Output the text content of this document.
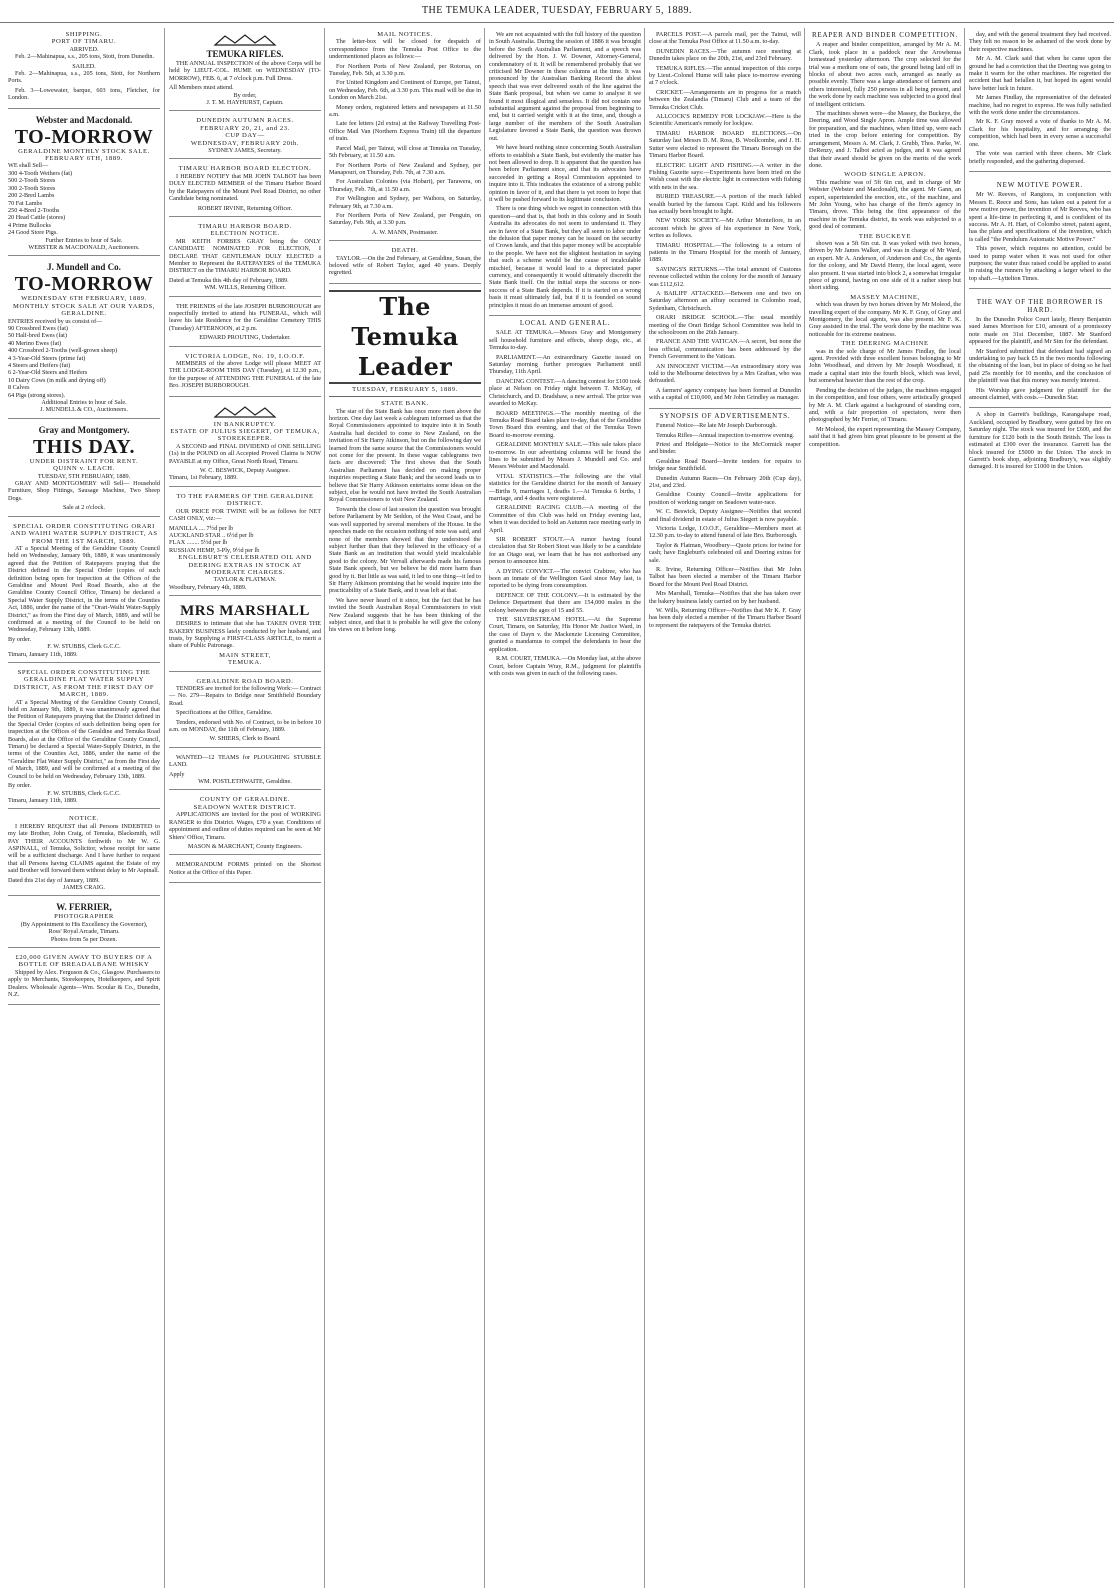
THE TEMUKA LEADER, TUESDAY, FEBRUARY 5, 1889.
SHIPPING.
PORT OF TIMARU.
ARRIVED.

Feb. 2—Mahinapua, s.s., 205 tons, Stott, from Dunedin.

SAILED.

Feb. 2—Mahinapua, s.s., 205 tons, Stott, for Northern Ports.

Feb. 3—Lowewater, barque, 603 tons, Fletcher, for London.

Webster and Macdonald.
TO-MORROW
GERALDINE MONTHLY STOCK SALE.
FEBRUARY 6TH, 1889.
WE shall Sell—
300 4-Tooth Wethers (fat)
500 2-Tooth Stores
300 2-Tooth Stores
200 2-Bred Lambs
70 Fat Lambs
250 4-Bred 2-Tooths
20 Head Cattle (stores)
4 Prime Bullocks
24 Good Store Pigs.
Further Entries to hour of Sale.
WEBSTER & MACDONALD, Auctioneers.
J. Mundell and Co.
TO-MORROW
WEDNESDAY 6TH FEBRUARY, 1889.
MONTHLY STOCK SALE AT OUR YARDS, GERALDINE.
ENTRIES received by us consist of—
90 Crossbred Ewes (fat)
50 Half-bred Ewes (fat)
40 Merino Ewes (fat)
400 Crossbred 2-Tooths (well-grown sheep)
4 3-Year-Old Steers (prime fat)
4 Steers and Heifers (fat)
6 2-Year-Old Steers and Heifers
10 Dairy Cows (in milk and drying off)
8 Calves
64 Pigs (strong stores).
Additional Entries to hour of Sale.
J. MUNDELL & CO., Auctioneers.
Gray and Montgomery.
THIS DAY.
UNDER DISTRAINT FOR RENT.
QUINN v. LEACH.
TUESDAY, 5TH FEBRUARY, 1889.

GRAY AND MONTGOMERY will Sell— Household Furniture, Shop Fittings, Sausage Machine, Two Sheep Dogs.

Sale at 2 o'clock.
SPECIAL ORDER CONSTITUTING ORARI AND WAIHI WATER SUPPLY DISTRICT, AS FROM THE 1ST MARCH, 1889.

AT a Special Meeting of the Geraldine County Council held on Wednesday, January 9th, 1889, it was unanimously agreed that the Petition of Ratepayers praying that the District defined in the Special Order (copies of such definition being open for inspection at the Offices of the Geraldine and Mount Peel Road Boards, also at the Geraldine County Council Office, Timaru) be declared a Special Water Supply District, in the terms of the Counties Act, 1886, under the name of the "Orari-Waihi Water-Supply District," as from the First day of March, 1889, and will be confirmed at a meeting of the Council to be held on Wednesday, February 13th, 1889.

By order.
F. W. STUBBS, Clerk G.C.C.
Timaru, January 11th, 1889.
SPECIAL ORDER CONSTITUTING THE GERALDINE FLAT WATER SUPPLY DISTRICT, AS FROM THE FIRST DAY OF MARCH, 1889.

AT a Special Meeting of the Geraldine County Council, held on January 9th, 1889, it was unanimously agreed that the Petition of Ratepayers praying that the District defined in the Special Order (copies of such definition being open for inspection at the Offices of the Geraldine and Temuka Road Boards, also at the Office of the Geraldine County Council, Timaru) be declared a Special Water-Supply District, in the terms of the Counties Act, 1886, under the name of the "Geraldine Flat Water Supply District," as from the First day of March, 1889, and will be confirmed at a meeting of the Council to be held on Wednesday, February 13th, 1889.

By order.
F. W. STUBBS, Clerk G.C.C.
Timaru, January 11th, 1889.
NOTICE.

I HEREBY REQUEST that all Persons INDEBTED to my late Brother, John Craig, of Temuka, Blacksmith, will PAY THEIR ACCOUNTS forthwith to Mr W. G. ASPINALL, of Temuka, Solicitor, whose receipt for same will be a sufficient discharge. And I have further to request that all Persons having CLAIMS against the Estate of my said Brother will forward them without delay to Mr Aspinall.

Dated this 21st day of January, 1889.
JAMES CRAIG.
W. FERRIER,
PHOTOGRAPHER
(By Appointment to His Excellency the Governor),
Ross' Royal Arcade, Timaru.
Photos from 5s per Dozen.
£20,000 GIVEN AWAY TO BUYERS OF A BOTTLE OF BREADALBANE WHISKY

Shipped by Alex. Ferguson & Co., Glasgow. Purchasers to apply to Merchants, Storekeepers, Hotelkeepers, and Spirit Dealers. Wholesale Agents—Wm. Scoular & Co., Dunedin, N.Z.

TEMUKA RIFLES.

THE ANNUAL INSPECTION of the above Corps will be held by LIEUT.-COL. HUME on WEDNESDAY (TO-MORROW), FEB. 6, at 7 o'clock p.m. Full Dress.

All Members must attend.
By order,
J. T. M. HAYHURST, Captain.
DUNEDIN AUTUMN RACES.
FEBRUARY 20, 21, and 23.
CUP DAY—
WEDNESDAY, FEBRUARY 20th.
SYDNEY JAMES, Secretary.
TIMARU HARBOR BOARD ELECTION.

I HEREBY NOTIFY that MR JOHN TALBOT has been DULY ELECTED MEMBER of the Timaru Harbor Board by the Ratepayers of the Mount Peel Road District, no other Candidate being nominated.

ROBERT IRVINE, Returning Officer.
TIMARU HARBOR BOARD.
ELECTION NOTICE.

MR KEITH FORBES GRAY being the ONLY CANDIDATE NOMINATED FOR ELECTION, I DECLARE THAT GENTLEMAN DULY ELECTED a Member to Represent the RATEPAYERS of the TEMUKA DISTRICT on the TIMARU HARBOR BOARD.

Dated at Temuka this 4th day of February, 1889.
WM. WILLS, Returning Officer.

THE FRIENDS of the late JOSEPH BURBOROUGH are respectfully invited to attend his FUNERAL, which will leave his late Residence for the Geraldine Cemetery THIS (Tuesday) AFTERNOON, at 2 p.m.

EDWARD PROUTING, Undertaker.
VICTORIA LODGE, No. 19, I.O.O.F.

MEMBERS of the above Lodge will please MEET AT THE LODGE-ROOM THIS DAY (Tuesday), at 12.30 p.m., for the purpose of ATTENDING THE FUNERAL of the late Bro. JOSEPH BURBOROUGH.

IN BANKRUPTCY.
ESTATE OF JULIUS SIEGERT, OF TEMUKA, STOREKEEPER.

A SECOND and FINAL DIVIDEND of ONE SHILLING (1s) in the POUND on all Accepted Proved Claims is NOW PAYABLE at my Office, Great North Road, Timaru.

W. C. BESWICK, Deputy Assignee.
Timaru, 1st February, 1889.
TO THE FARMERS OF THE GERALDINE DISTRICT.

OUR PRICE FOR TWINE will be as follows for NET CASH ONLY, viz:—

MANILLA .... 7½d per lb
AUCKLAND STAR .. 6½d per lb
FLAX ........ 5½d per lb
RUSSIAN HEMP, 3-Ply, 9½d per lb
ENGLEBURT'S CELEBRATED OIL AND DEERING EXTRAS IN STOCK AT MODERATE CHARGES.
TAYLOR & FLATMAN.
Woodbury, February 4th, 1889.
MRS MARSHALL

DESIRES to intimate that she has TAKEN OVER THE BAKERY BUSINESS lately conducted by her husband, and trusts, by Supplying a FIRST-CLASS ARTICLE, to merit a share of Public Patronage.

MAIN STREET,
TEMUKA.
GERALDINE ROAD BOARD.

TENDERS are invited for the following Work:— Contract— No. 279—Repairs to Bridge near Smithfield Boundary Road.

Specifications at the Office, Geraldine.

Tenders, endorsed with No. of Contract, to be in before 10 a.m. on MONDAY, the 11th of February, 1889.

W. SHIERS, Clerk to Board.

WANTED—12 TEAMS for PLOUGHING STUBBLE LAND.

Apply
WM. POSTLETHWAITE, Geraldine.
COUNTY OF GERALDINE.
SEADOWN WATER DISTRICT.

APPLICATIONS are invited for the post of WORKING RANGER to this District. Wages, £70 a year. Conditions of appointment and outline of duties required can be seen at Mr Shiers' Office, Timaru.

MASON & MARCHANT, County Engineers.

MEMORANDUM FORMS printed on the Shortest Notice at the Office of this Paper.

MAIL NOTICES.

The letter-box will be closed for despatch of correspondence from the Temuka Post Office to the undermentioned places as follows:—

For Northern Ports of New Zealand, per Rotorua, on Tuesday, Feb. 5th, at 3.30 p.m.

For United Kingdom and Continent of Europe, per Tainui, on Wednesday, Feb. 6th, at 3.30 p.m. This mail will be due in London on March 21st.

Money orders, registered letters and newspapers at 11.50 a.m.

Late fee letters (2d extra) at the Railway Travelling Post-Office Mail Van (Northern Express Train) till the departure of train.

Parcel Mail, per Tainui, will close at Temuka on Tuesday, 5th February, at 11.50 a.m.

For Northern Ports of New Zealand and Sydney, per Manapouri, on Thursday, Feb. 7th, at 7.30 a.m.

For Australian Colonies (via Hobart), per Tarawera, on Thursday, Feb. 7th, at 11.50 a.m.

For Wellington and Sydney, per Waihora, on Saturday, February 9th, at 7.30 a.m.

For Northern Ports of New Zealand, per Penguin, on Saturday, Feb. 9th, at 3.30 p.m.

A. W. MANN, Postmaster.
DEATH.

TAYLOR.—On the 2nd February, at Geraldine, Susan, the beloved wife of Robert Taylor, aged 40 years. Deeply regretted.

The Temuka Leader
TUESDAY, FEBRUARY 5, 1889.
STATE BANK.

The star of the State Bank has once more risen above the horizon. One day last week a cablegram informed us that the Royal Commissioners appointed to inquire into it in South Australia had decided to come to New Zealand, on the invitation of Sir Harry Atkinson, but on the following day we learned from the same source that the Commissioners would not come for the present. In these vague cablegrams two facts are discovered: The first shows that the South Australian Parliament has decided on making proper inquiries respecting a State Bank; and the second leads us to believe that Sir Harry Atkinson entertains some ideas on the subject, else he would not have invited the South Australian Royal Commissioners to visit New Zealand.

Towards the close of last session the question was brought before Parliament by Mr Seddon, of the West Coast, and he was well supported by several members of the House. In the speeches made on the occasion nothing of note was said, and none of the members showed that they understood the subject further than that they believed in the efficacy of a State Bank as an institution that would yield incalculable good to the colony. Mr Vervall afterwards made his famous State Bank speech, but we believe he did more harm than good by it. But little as was said, it led to one thing—it led to Sir Harry Atkinson promising that he would inquire into the practicability of a State Bank, and it was left at that.

We have never heard of it since, but the fact that he has invited the South Australian Royal Commissioners to visit New Zealand suggests that he has been thinking of the subject since, and that it is probable he will give the colony his views on it before long.

We are not acquainted with the full history of the question in South Australia. During the session of 1886 it was brought before the South Australian Parliament, and a speech was delivered by the Hon. J. W. Downer, Attorney-General, condemnatory of it. It will be remembered probably that we criticised Mr Downer in these columns at the time. It was pronounced by the Australian Banking Record the ablest speech that was ever delivered south of the line against the State Bank proposal, but when we came to analyse it we found it most illogical and senseless. It did not contain one substantial argument against the proposal from beginning to end, but it carried weight with it at the time, and, though a large number of the members of the South Australian Legislature favored a State Bank, the question was thrown out.

We have heard nothing since concerning South Australian efforts to establish a State Bank, but evidently the matter has not been allowed to drop. It is apparent that the question has been before Parliament since, and that its advocates have succeeded in getting a Royal Commission appointed to inquire into it. This indicates the existence of a strong public opinion in favor of it, and that there is yet room to hope that it will be pushed forward to its legitimate conclusion.

There is one thing which we regret in connection with this question—and that is, that both in this colony and in South Australia its advocates do not seem to understand it. They are in favor of a State Bank, but they all seem to labor under the delusion that paper money can be issued on the security of Crown lands, and that this paper money will be acceptable to the people. We have not the slightest hesitation in saying that such a scheme would be the cause of incalculable mischief, because it would lead to a depreciated paper currency, and consequently it would ultimately discredit the State Bank itself. On the initial steps the success or non-success of a State Bank depends. If it is started on a wrong basis it must ultimately fail, but if it is founded on sound principles it must do an immense amount of good.

LOCAL AND GENERAL.

SALE AT TEMUKA.—Messrs Gray and Montgomery sell household furniture and effects, sheep dogs, etc., at Temuka to-day.

PARLIAMENT.—An extraordinary Gazette issued on Saturday morning further prorogues Parliament until Thursday, 11th April.

DANCING CONTEST.—A dancing contest for £100 took place at Nelson on Friday night between T. McKay, of Christchurch, and D. Bradshaw, a new arrival. The prize was awarded to McKay.

BOARD MEETINGS.—The monthly meeting of the Temuka Road Board takes place to-day, that of the Geraldine Town Board this evening, and that of the Temuka Town Board to-morrow evening.

GERALDINE MONTHLY SALE.—This sale takes place to-morrow. In our advertising columns will be found the lines to be submitted by Messrs J. Mundell and Co. and Messrs Webster and Macdonald.

VITAL STATISTICS.—The following are the vital statistics for the Geraldine district for the month of January—Births 9, marriages 1, deaths 1.—At Temuka 6 births, 1 marriage, and 4 deaths were registered.

GERALDINE RACING CLUB.—A meeting of the Committee of this Club was held on Friday evening last, when it was decided to hold an Autumn race meeting early in April.

SIR ROBERT STOUT.—A rumor having found circulation that Sir Robert Stout was likely to be a candidate for an Otago seat, we learn that he has not authorised any person to announce him.

A DYING CONVICT.—The convict Crabtree, who has been an inmate of the Wellington Gaol since May last, is reported to be dying from consumption.

DEFENCE OF THE COLONY.—It is estimated by the Defence Department that there are 154,000 males in the colony between the ages of 15 and 55.

THE SILVERSTREAM HOTEL.—At the Supreme Court, Timaru, on Saturday, His Honor Mr Justice Ward, in the case of Dayn v. the Mackenzie Licensing Committee, granted a mandamus to compel the defendants to hear the application.

R.M. COURT, TEMUKA.—On Monday last, at the above Court, before Captain Wray, R.M., judgment for plaintiffs with costs was given in each of the following cases.

PARCELS POST.—A parcels mail, per the Tainui, will close at the Temuka Post Office at 11.50 a.m. to-day.

DUNEDIN RACES.—The autumn race meeting at Dunedin takes place on the 20th, 21st, and 23rd February.

TEMUKA RIFLES.—The annual inspection of this corps by Lieut.-Colonel Hume will take place to-morrow evening at 7 o'clock.

CRICKET.—Arrangements are in progress for a match between the Zealandia (Timaru) Club and a team of the Temuka Cricket Club.

ALLCOCK'S REMEDY FOR LOCKJAW.—Here is the Scientific American's remedy for lockjaw.

TIMARU HARBOR BOARD ELECTIONS.—On Saturday last Messrs D. M. Ross, B. Woollcombe, and J. H. Sutter were elected to represent the Timaru Borough on the Timaru Harbor Board.

ELECTRIC LIGHT AND FISHING.—A writer in the Fishing Gazette says:—Experiments have been tried on the Welsh coast with the electric light in connection with fishing with nets in the sea.

BURIED TREASURE.—A portion of the much fabled wealth buried by the famous Capt. Kidd and his followers has actually been brought to light.

NEW YORK SOCIETY.—Mr Arthur Montefiore, in an account which he gives of his experience in New York, writes as follows.

TIMARU HOSPITAL.—The following is a return of patients in the Timaru Hospital for the month of January, 1889.

SAVINGS'S RETURNS.—The total amount of Customs revenue collected within the colony for the month of January was £112,612.

A BAILIFF ATTACKED.—Between one and two on Saturday afternoon an affray occurred in Colombo road, Sydenham, Christchurch.

ORARI BRIDGE SCHOOL.—The usual monthly meeting of the Orari Bridge School Committee was held in the schoolroom on the 26th January.

FRANCE AND THE VATICAN.—A secret, but none the less official, communication has been addressed by the French Government to the Vatican.

AN INNOCENT VICTIM.—An extraordinary story was told to the Melbourne detectives by a Mrs Graftan, who was defrauded.

A farmers' agency company has been formed at Dunedin with a capital of £10,000, and Mr John Grindley as manager.

SYNOPSIS OF ADVERTISEMENTS.

Funeral Notice—Re late Mr Joseph Darborough.

Temuka Rifles—Annual inspection to-morrow evening.

Priest and Holdgate—Notice to the McCormick reaper and binder.

Geraldine Road Board—Invite tenders for repairs to bridge near Smithfield.

Dunedin Autumn Races—On February 20th (Cup day), 21st, and 23rd.

Geraldine County Council—Invite applications for position of working ranger on Seadown water-race.

W. C. Beswick, Deputy Assignee—Notifies that second and final dividend in estate of Julius Siegert is now payable.

Victoria Lodge, I.O.O.F., Geraldine—Members meet at 12.30 p.m. to-day to attend funeral of late Bro. Burborough.

Taylor & Flatman, Woodbury—Quote prices for twine for cash; have Engleburt's celebrated oil and Deering extras for sale.

R. Irvine, Returning Officer—Notifies that Mr John Talbot has been elected a member of the Timaru Harbor Board for the Mount Peel Road District.

Mrs Marshall, Temuka—Notifies that she has taken over the bakery business lately carried on by her husband.

W. Wills, Returning Officer—Notifies that Mr K. F. Gray has been duly elected a member of the Timaru Harbor Board to represent the ratepayers of the Temuka district.

REAPER AND BINDER COMPETITION.

A reaper and binder competition, arranged by Mr A. M. Clark, took place in a paddock near the Arowhenua homestead yesterday afternoon. The crop selected for the trial was a medium one of oats, the ground being laid off in blocks of about two acres each, arranged as nearly as possible evenly. There was a large attendance of farmers and others interested, fully 250 persons in all being present, and the work done by each machine was subjected to a good deal of intelligent criticism.

The machines shown were—the Massey, the Buckeye, the Deering, and Wood Single Apron. Ample time was allowed for preparation, and the machines, when fitted up, were each tried in the crop before entering for competition. By arrangement, Messrs A. M. Clark, J. Grubb, Thos. Parke, W. DeRenzy, and J. Talbot acted as judges, and it was agreed that their award should be given on the merits of the work done.

WOOD SINGLE APRON.

This machine was of 5ft 6in cut, and in charge of Mr Webster (Webster and Macdonald), the agent. Mr Gann, an expert, superintended the erection, etc., of the machine, and Mr John Young, who has charge of the firm's agency in Timaru, drove. This being the first appearance of the machine in the Temuka district, its work was subjected to a good deal of comment.

THE BUCKEYE

shown was a 5ft 6in cut. It was yoked with two horses, driven by Mr James Walker, and was in charge of Mr Ward, an expert. Mr A. Anderson, of Anderson and Co., the agents for the colony, and Mr David Henry, the local agent, were also present. It was started into block 2, a somewhat irregular piece of ground, having on one side of it a rather steep but short siding.

MASSEY MACHINE,

which was drawn by two horses driven by Mr Moleod, the travelling expert of the company. Mr K. F. Gray, of Gray and Montgomery, the local agents, was also present. Mr F. K. Gray assisted in the trial. The work done by the machine was noticeable for its extreme neatness.

THE DEERING MACHINE

was in the sole charge of Mr James Findlay, the local agent. Provided with three excellent horses belonging to Mr John Woodhead, and driven by Mr Joseph Woodhead, it made a capital start into the fourth block, which was level, but somewhat heavier than the rest of the crop.

Pending the decision of the judges, the machines engaged in the competition, and four others, were artistically grouped by Mr A. M. Clark against a background of standing corn, and, with a fair proportion of spectators, were then photographed by Mr Ferrier, of Timaru.

Mr Moleod, the expert representing the Massey Company, said that it had given him great pleasure to be present at the competition.

day, and with the general treatment they had received. They felt no reason to be ashamed of the work done by their respective machines.

Mr A. M. Clark said that when he came upon the ground he had a conviction that the Deering was going to make it warm for the other machines. He regretted the accident that had befallen it, but hoped its agent would have better luck in future.

Mr James Findlay, the representative of the defeated machine, had no regret to express. He was fully satisfied with the work done under the circumstances.

Mr K. F. Gray moved a vote of thanks to Mr A. M. Clark for his hospitality, and for arranging the competition, which had been in every sense a successful one.

The vote was carried with three cheers. Mr Clark briefly responded, and the gathering dispersed.

NEW MOTIVE POWER.

Mr W. Reeves, of Rangiora, in conjunction with Messrs E. Reece and Sons, has taken out a patent for a new motive power, the invention of Mr Reeves, who has spent a life-time in perfecting it, and is confident of its success. Mr A. H. Hart, of Colombo street, patent agent, has the plans and specifications of the invention, which is called "the Pendulum Automatic Motive Power."

This power, which requires no attention, could be used to pump water when it was not used for other purposes; the water thus raised could be applied to assist in raising the runners by attaching a larger wheel to the top shaft.—Lyttelton Times.

THE WAY OF THE BORROWER IS HARD.

In the Dunedin Police Court lately, Henry Benjamin sued James Morrison for £10, amount of a promissory note made on 31st December, 1887. Mr Stanford appeared for the plaintiff, and Mr Sim for the defendant.

Mr Stanford submitted that defendant had signed an undertaking to pay back £5 in the two months following the obtaining of the loan, but in place of doing so he had paid 25s monthly for 10 months, and the conclusion of the plaintiff was that this money was merely interest.

His Worship gave judgment for plaintiff for the amount claimed, with costs.—Dunedin Star.

A shop in Garrett's buildings, Karangahape road, Auckland, occupied by Bradbury, were gutted by fire on Saturday night. The stock was insured for £600, and the furniture for £120 both in the South British. The loss is estimated at £300 over the insurance. Garrett has the block insured for £5000 in the Union. The stock in Garrett's book shop, adjoining Bradbury's, was slightly damaged. It is insured for £1000 in the Union.
